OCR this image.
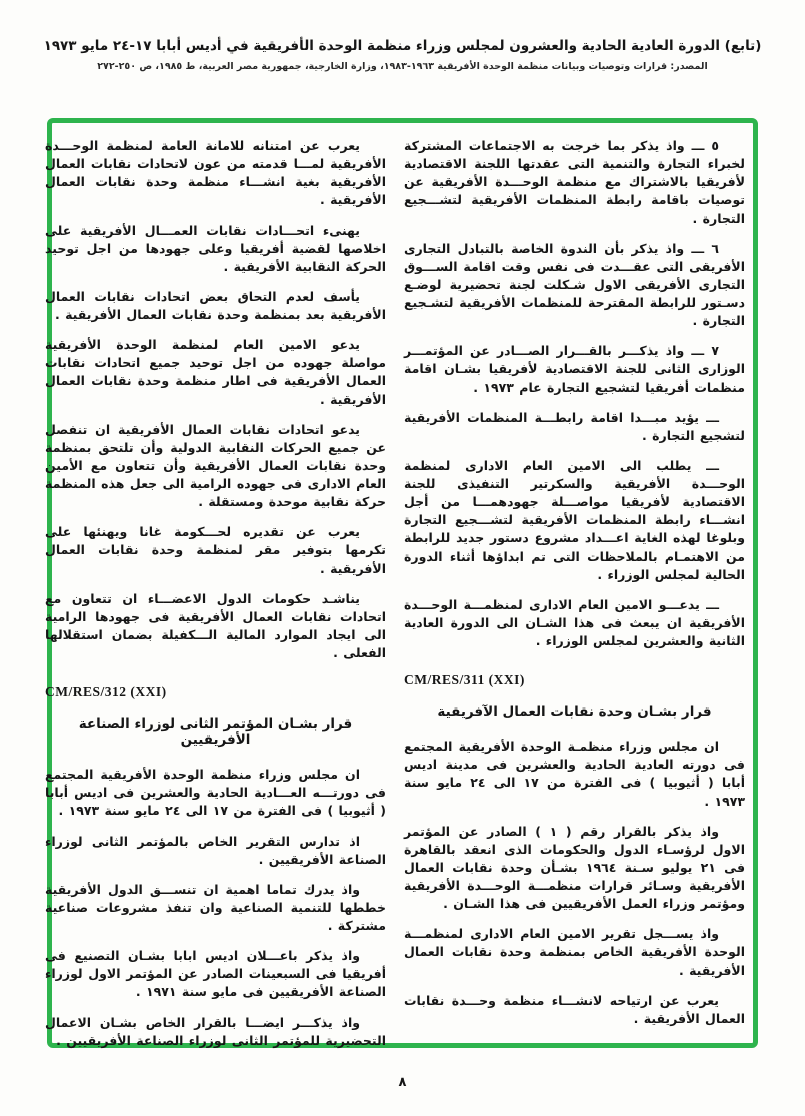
(تابع) الدورة العادية الحادية والعشرون لمجلس وزراء منظمة الوحدة الأفريقية في أديس أبابا ١٧-٢٤ مايو ١٩٧٣
المصدر: قرارات وتوصيات وبيانات منظمة الوحدة الأفريقية ١٩٦٣-١٩٨٣، وزارة الخارجية، جمهورية مصر العربية، ط ١٩٨٥، ص ٢٥٠-٢٧٢

٥ ـــ واذ يذكر بما خرجت به الاجتماعات المشتركة لخبراء التجارة والتنمية التى عقدتها اللجنة الاقتصادية لأفريقيا بالاشتراك مع منظمة الوحـــدة الأفريقية عن توصيات باقامة رابطة المنظمات الأفريقية لتشـــجيع التجارة .

٦ ـــ واذ يذكر بأن الندوة الخاصة بالتبادل التجارى الأفريقى التى عقـــدت فى نفس وقت اقامة الســـوق التجارى الأفريقى الاول شـكلت لجنة تحضيرية لوضـع دسـتور للرابطة المقترحة للمنظمات الأفريقية لتشـجيع التجارة .

٧ ـــ واذ يذكـــر بالقـــرار الصـــادر عن المؤتمـــر الوزارى الثانى للجنة الاقتصادية لأفريقيا بشـان اقامة منظمات أفريقيا لتشجيع التجارة عام ١٩٧٣ .

ـــ يؤيد مبـــدا اقامة رابطـــة المنظمات الأفريقية لتشجيع التجارة .

ـــ يطلب الى الامين العام الادارى لمنظمة الوحـــدة الأفريقية والسكرتير التنفيذى للجنة الاقتصادية لأفريقيا مواصـــلة جهودهمـــا من أجل انشـــاء رابطة المنظمات الأفريقية لتشـــجيع التجارة وبلوغا لهذه الغاية اعـــداد مشروع دستور جديد للرابطة من الاهتمـام بالملاحظات التى تم ابداؤها أثناء الدورة الحالية لمجلس الوزراء .

ـــ يدعـــو الامين العام الادارى لمنظمـــة الوحـــدة الأفريقية ان يبعث فى هذا الشـان الى الدورة العادية الثانية والعشرين لمجلس الوزراء .

CM/RES/311 (XXI)
قرار بشـان وحدة نقابات العمال الآفريقية

ان مجلس وزراء منظمـة الوحدة الأفريقية المجتمع فى دورته العادية الحادية والعشرين فى مدينة اديس أبابا ( أثيوبيا ) فى الفترة من ١٧ الى ٢٤ مايو سنة ١٩٧٣ .

واذ يذكر بالقرار رقم ( ١ ) الصادر عن المؤتمر الاول لرؤسـاء الدول والحكومات الذى انعقد بالقاهرة فى ٢١ يوليو سـنة ١٩٦٤ بشـأن وحدة نقابات العمال الأفريقية وسـائر قرارات منظمـــة الوحـــدة الأفريقية ومؤتمر وزراء العمل الأفريقيين فى هذا الشـان .

واذ يســـجل تقرير الامين العام الادارى لمنظمـــة الوحدة الأفريقية الخاص بمنظمة وحدة نقابات العمال الأفريقية .

يعرب عن ارتياحه لانشـــاء منظمة وحـــدة نقابات العمال الأفريقية .

يعرب عن امتنانه للامانة العامة لمنظمة الوحـــدة الأفريقية لمـــا قدمته من عون لاتحادات نقابات العمال الأفريقية بغية انشـــاء منظمة وحدة نقابات العمال الأفريقية .

يهنىء اتحـــادات نقابات العمـــال الأفريقية على اخلاصها لقضية أفريقيا وعلى جهودها من اجل توحيد الحركة النقابية الأفريقية .

يأسف لعدم التحاق بعض اتحادات نقابات العمال الأفريقية بعد بمنظمة وحدة نقابات العمال الأفريقية .

يدعو الامين العام لمنظمة الوحدة الأفريقية مواصلة جهوده من اجل توحيد جميع اتحادات نقابات العمال الأفريقية فى اطار منظمة وحدة نقابات العمال الأفريقية .

يدعو اتحادات نقابات العمال الأفريقية ان تنفصل عن جميع الحركات النقابية الدولية وأن تلتحق بمنظمة وحدة نقابات العمال الأفريقية وأن تتعاون مع الأمين العام الادارى فى جهوده الرامية الى جعل هذه المنظمة حركة نقابية موحدة ومستقلة .

يعرب عن تقديره لحـــكومة غانا ويهنئها على تكرمها بتوفير مقر لمنظمة وحدة نقابات العمال الأفريقية .

يناشـد حكومات الدول الاعضـــاء ان تتعاون مع اتحادات نقابات العمال الأفريقية فى جهودها الرامية الى ايجاد الموارد المالية الـــكفيلة بضمان استقلالها الفعلى .

CM/RES/312 (XXI)
قرار بشـان المؤتمر الثانى لوزراء الصناعة الأفريقيين

ان مجلس وزراء منظمة الوحدة الأفريقية المجتمع فى دورتـــه العـــادية الحادية والعشرين فى اديس أبابا ( أثيوبيا ) فى الفترة من ١٧ الى ٢٤ مايو سنة ١٩٧٣ .

اذ تدارس التقرير الخاص بالمؤتمر الثانى لوزراء الصناعة الأفريقيين .

واذ يدرك تماما اهمية ان تنســـق الدول الأفريقية خططها للتنمية الصناعية وان تنفذ مشروعات صناعية مشتركة .

واذ يذكر باعـــلان اديس ابابا بشـان التصنيع فى أفريقيا فى السبعينات الصادر عن المؤتمر الاول لوزراء الصناعة الأفريقيين فى مايو سنة ١٩٧١ .

واذ يذكـــر ايضـــا بالقرار الخاص بشـان الاعمال التحضيرية للمؤتمر الثانى لوزراء الصناعة الأفريقيين .

٨
